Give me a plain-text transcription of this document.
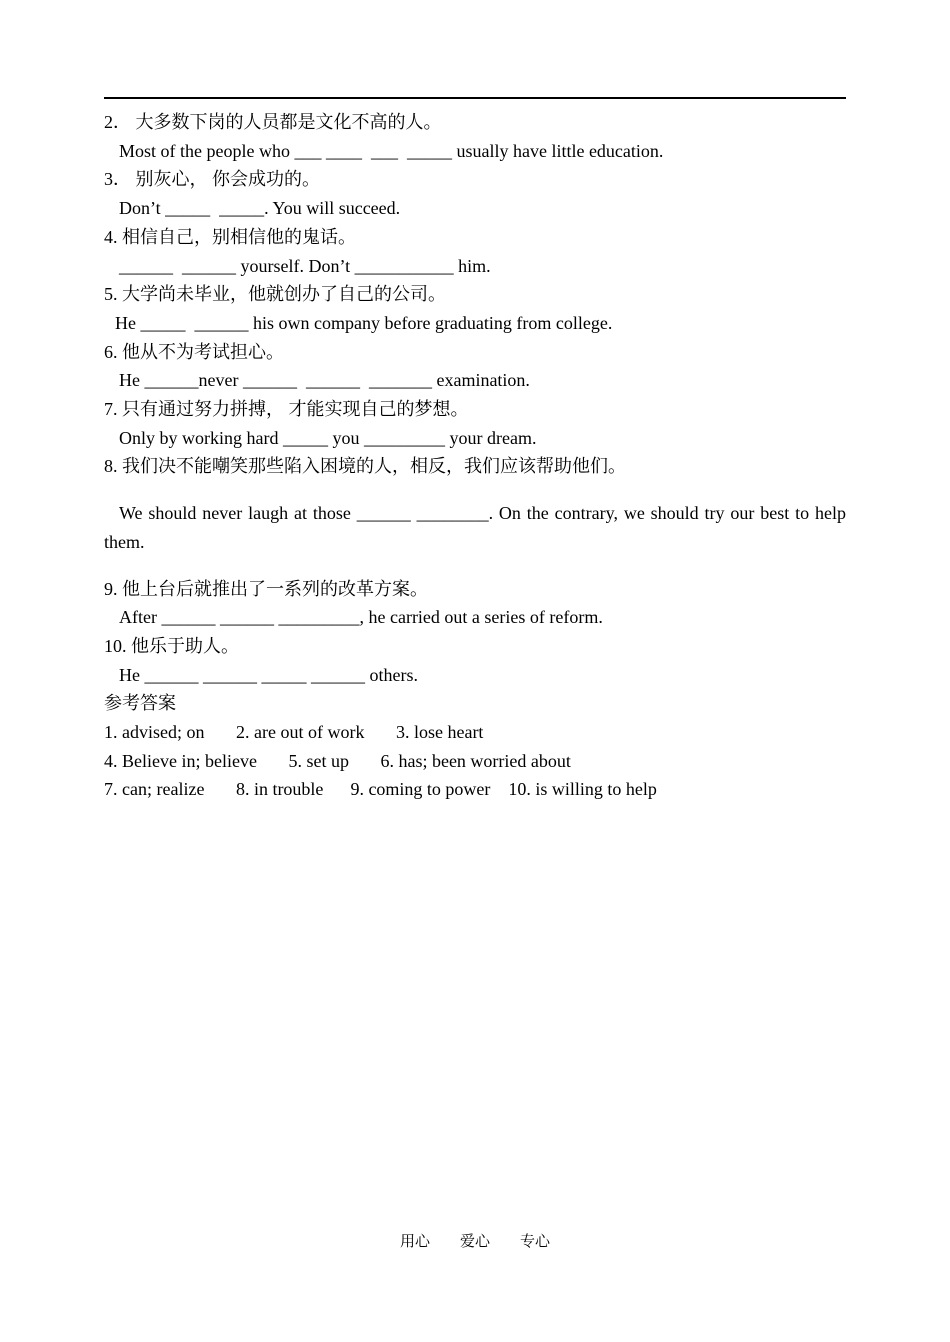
2． 大多数下岗的人员都是文化不高的人。

Most of the people who ___ ____  ___  _____ usually have little education.

3． 别灰心， 你会成功的。

Don’t _____  _____. You will succeed.

4. 相信自己，别相信他的鬼话。

______  ______ yourself. Don’t ___________ him.

5. 大学尚未毕业，他就创办了自己的公司。

He _____  ______ his own company before graduating from college.

6. 他从不为考试担心。

He ______never ______  ______  _______ examination.

7. 只有通过努力拼搏， 才能实现自己的梦想。

Only by working hard _____ you _________ your dream.

8. 我们决不能嘲笑那些陷入困境的人，相反，我们应该帮助他们。

We should never laugh at those ______ ________. On the contrary, we should try our best to help them.

9. 他上台后就推出了一系列的改革方案。

After ______ ______ _________, he carried out a series of reform.

10. 他乐于助人。

He ______ ______ _____ ______ others.

参考答案

1. advised; on 2. are out of work 3. lose heart

4. Believe in; believe 5. set up 6. has; been worried about

7. can; realize 8. in trouble 9. coming to power 10. is willing to help

用心 爱心 专心
